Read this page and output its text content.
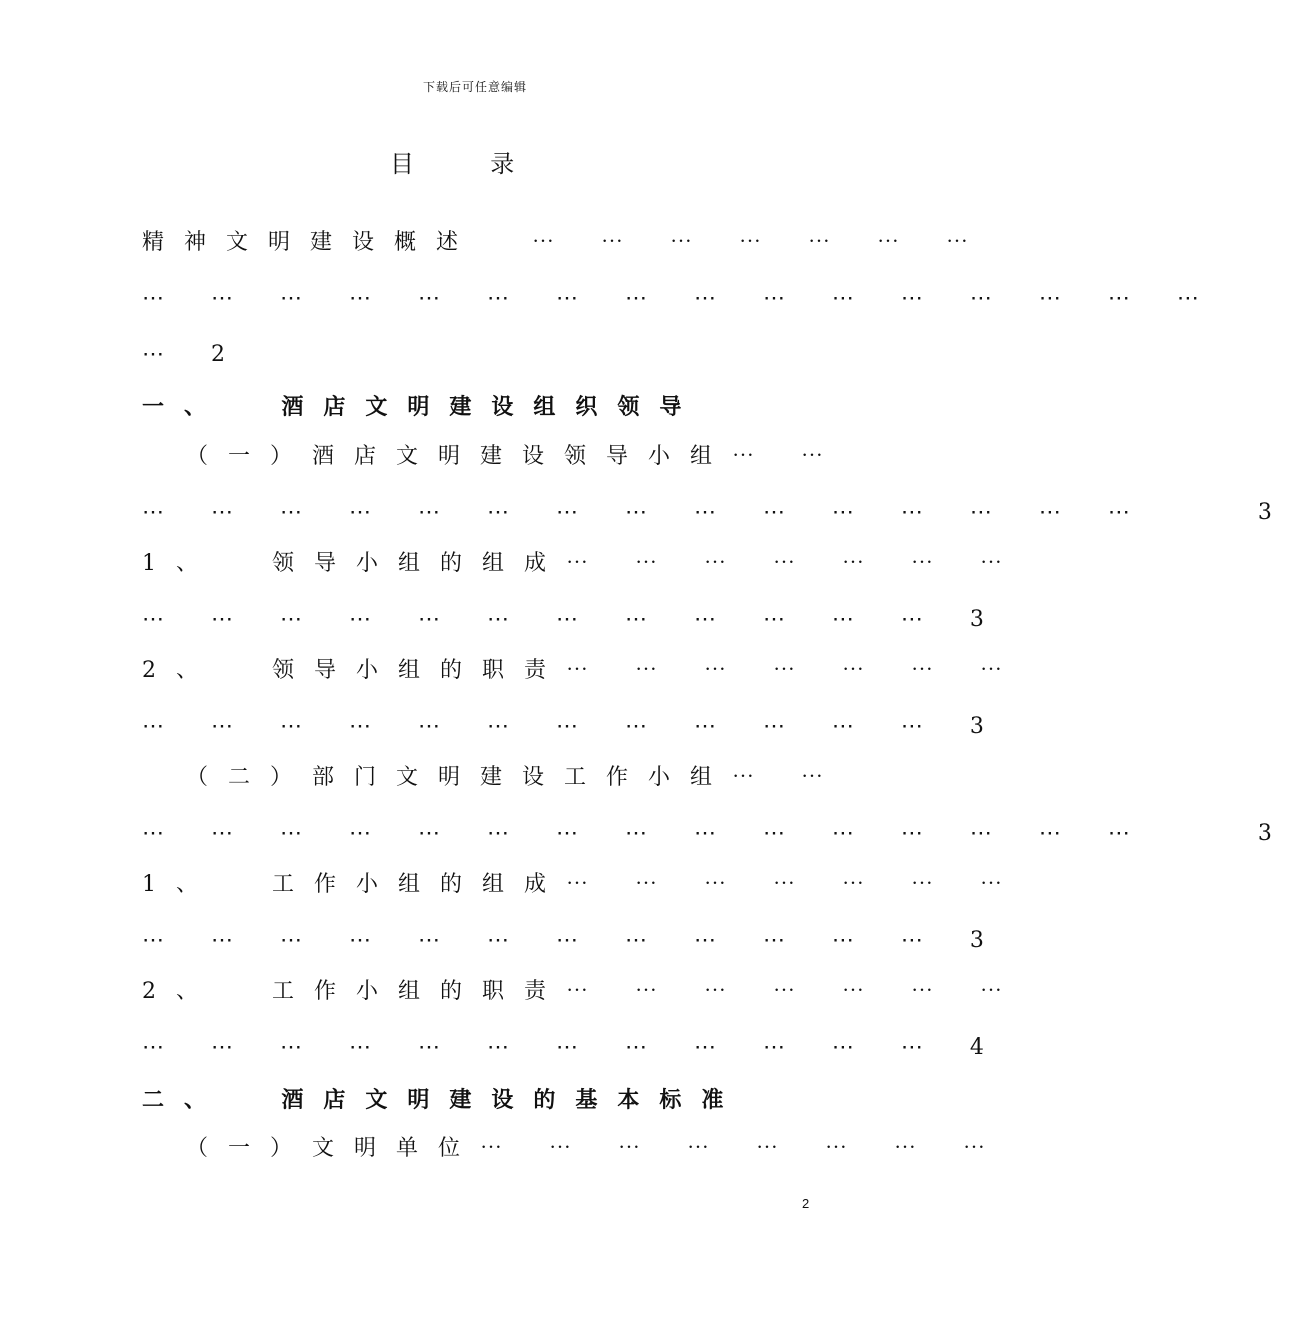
下载后可任意编辑
目          录
精神文明建设概述  ⋯ ⋯ ⋯ ⋯ ⋯ ⋯ ⋯
⋯ ⋯ ⋯ ⋯ ⋯ ⋯ ⋯ ⋯ ⋯ ⋯ ⋯ ⋯ ⋯ ⋯ ⋯ ⋯
⋯ 2
一、  酒店文明建设组织领导
（一）酒店文明建设领导小组⋯ ⋯
⋯ ⋯ ⋯ ⋯ ⋯ ⋯ ⋯ ⋯ ⋯ ⋯ ⋯ ⋯ ⋯ ⋯ ⋯    3
1、  领导小组的组成⋯ ⋯ ⋯ ⋯ ⋯ ⋯ ⋯
⋯ ⋯ ⋯ ⋯ ⋯ ⋯ ⋯ ⋯ ⋯ ⋯ ⋯ ⋯ 3
2、  领导小组的职责⋯ ⋯ ⋯ ⋯ ⋯ ⋯ ⋯
⋯ ⋯ ⋯ ⋯ ⋯ ⋯ ⋯ ⋯ ⋯ ⋯ ⋯ ⋯ 3
（二）部门文明建设工作小组⋯ ⋯
⋯ ⋯ ⋯ ⋯ ⋯ ⋯ ⋯ ⋯ ⋯ ⋯ ⋯ ⋯ ⋯ ⋯ ⋯    3
1、  工作小组的组成⋯ ⋯ ⋯ ⋯ ⋯ ⋯ ⋯
⋯ ⋯ ⋯ ⋯ ⋯ ⋯ ⋯ ⋯ ⋯ ⋯ ⋯ ⋯ 3
2、  工作小组的职责⋯ ⋯ ⋯ ⋯ ⋯ ⋯ ⋯
⋯ ⋯ ⋯ ⋯ ⋯ ⋯ ⋯ ⋯ ⋯ ⋯ ⋯ ⋯ 4
二、  酒店文明建设的基本标准
（一）文明单位⋯ ⋯ ⋯ ⋯ ⋯ ⋯ ⋯ ⋯
2
